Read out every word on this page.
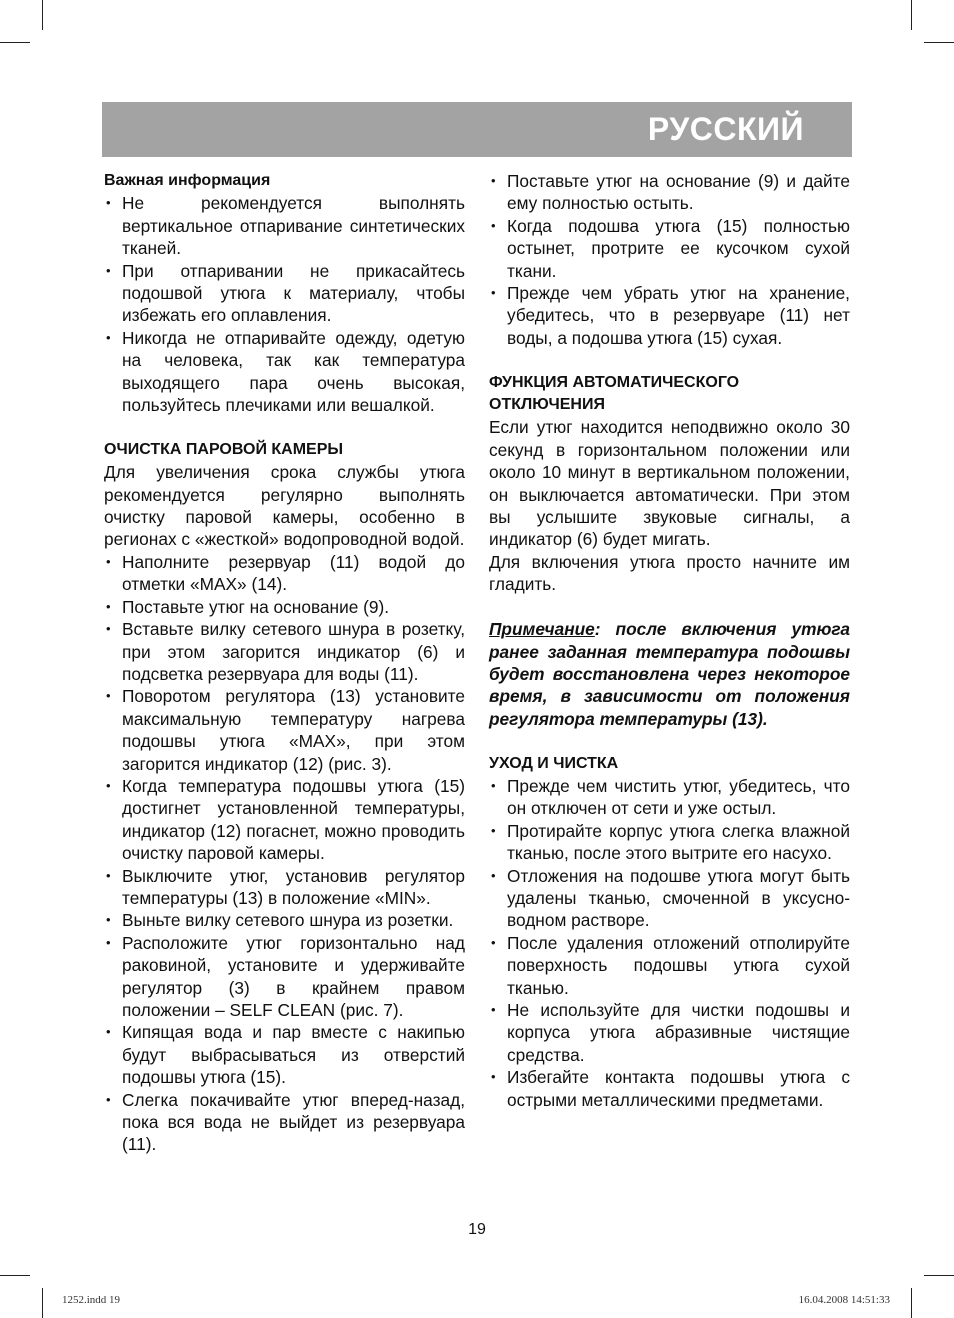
РУССКИЙ
Важная информация
• Не рекомендуется выполнять вертикальное отпаривание синтетических тканей.
• При отпаривании не прикасайтесь подошвой утюга к материалу, чтобы избежать его оплавления.
• Никогда не отпаривайте одежду, одетую на человека, так как температура выходящего пара очень высокая, пользуйтесь плечиками или вешалкой.
ОЧИСТКА ПАРОВОЙ КАМЕРЫ

Для увеличения срока службы утюга рекомендуется регулярно выполнять очистку паровой камеры, особенно в регионах с «жесткой» водопроводной водой.

• Наполните резервуар (11) водой до отметки «MAX» (14).
• Поставьте утюг на основание (9).
• Вставьте вилку сетевого шнура в розетку, при этом загорится индикатор (6) и подсветка резервуара для воды (11).
• Поворотом регулятора (13) установите максимальную температуру нагрева подошвы утюга «MAX», при этом загорится индикатор (12) (рис. 3).
• Когда температура подошвы утюга (15) достигнет установленной температуры, индикатор (12) погаснет, можно проводить очистку паровой камеры.
• Выключите утюг, установив регулятор температуры (13) в положение «MIN».
• Выньте вилку сетевого шнура из розетки.
• Расположите утюг горизонтально над раковиной, установите и удерживайте регулятор (3) в крайнем правом положении – SELF CLEAN (рис. 7).
• Кипящая вода и пар вместе с накипью будут выбрасываться из отверстий подошвы утюга (15).
• Слегка покачивайте утюг вперед-назад, пока вся вода не выйдет из резервуара (11).
• Поставьте утюг на основание (9) и дайте ему полностью остыть.
• Когда подошва утюга (15) полностью остынет, протрите ее кусочком сухой ткани.
• Прежде чем убрать утюг на хранение, убедитесь, что в резервуаре (11) нет воды, а подошва утюга (15) сухая.
ФУНКЦИЯ АВТОМАТИЧЕСКОГО
ОТКЛЮЧЕНИЯ

Если утюг находится неподвижно около 30 секунд в горизонтальном положении или около 10 минут в вертикальном положении, он выключается автоматически. При этом вы услышите звуковые сигналы, а индикатор (6) будет мигать.

Для включения утюга просто начните им гладить.

Примечание: после включения утюга ранее заданная температура подошвы будет восстановлена через некоторое время, в зависимости от положения регулятора температуры (13).

УХОД И ЧИСТКА
• Прежде чем чистить утюг, убедитесь, что он отключен от сети и уже остыл.
• Протирайте корпус утюга слегка влажной тканью, после этого вытрите его насухо.
• Отложения на подошве утюга могут быть удалены тканью, смоченной в уксусно-водном растворе.
• После удаления отложений отполируйте поверхность подошвы утюга сухой тканью.
• Не используйте для чистки подошвы и корпуса утюга абразивные чистящие средства.
• Избегайте контакта подошвы утюга с острыми металлическими предметами.
19
1252.indd 19	16.04.2008 14:51:33
